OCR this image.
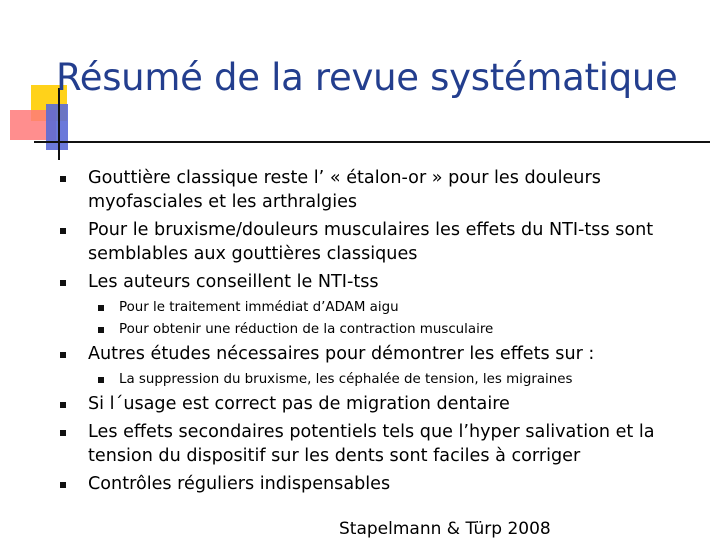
Résumé de la revue systématique
Gouttière classique reste l’ « étalon-or » pour les douleurs myofasciales et les arthralgies
Pour le bruxisme/douleurs musculaires les effets du NTI-tss sont semblables aux gouttières classiques
Les auteurs conseillent le NTI-tss
Pour le traitement immédiat d’ADAM aigu
Pour obtenir une réduction de la contraction musculaire
Autres études nécessaires pour démontrer les effets sur :
La suppression du bruxisme, les céphalée de tension, les migraines
Si l´usage est correct pas de migration dentaire
Les effets secondaires potentiels tels que l’hyper salivation et la tension du dispositif sur les dents sont faciles à corriger
Contrôles réguliers indispensables
Stapelmann & Türp 2008
